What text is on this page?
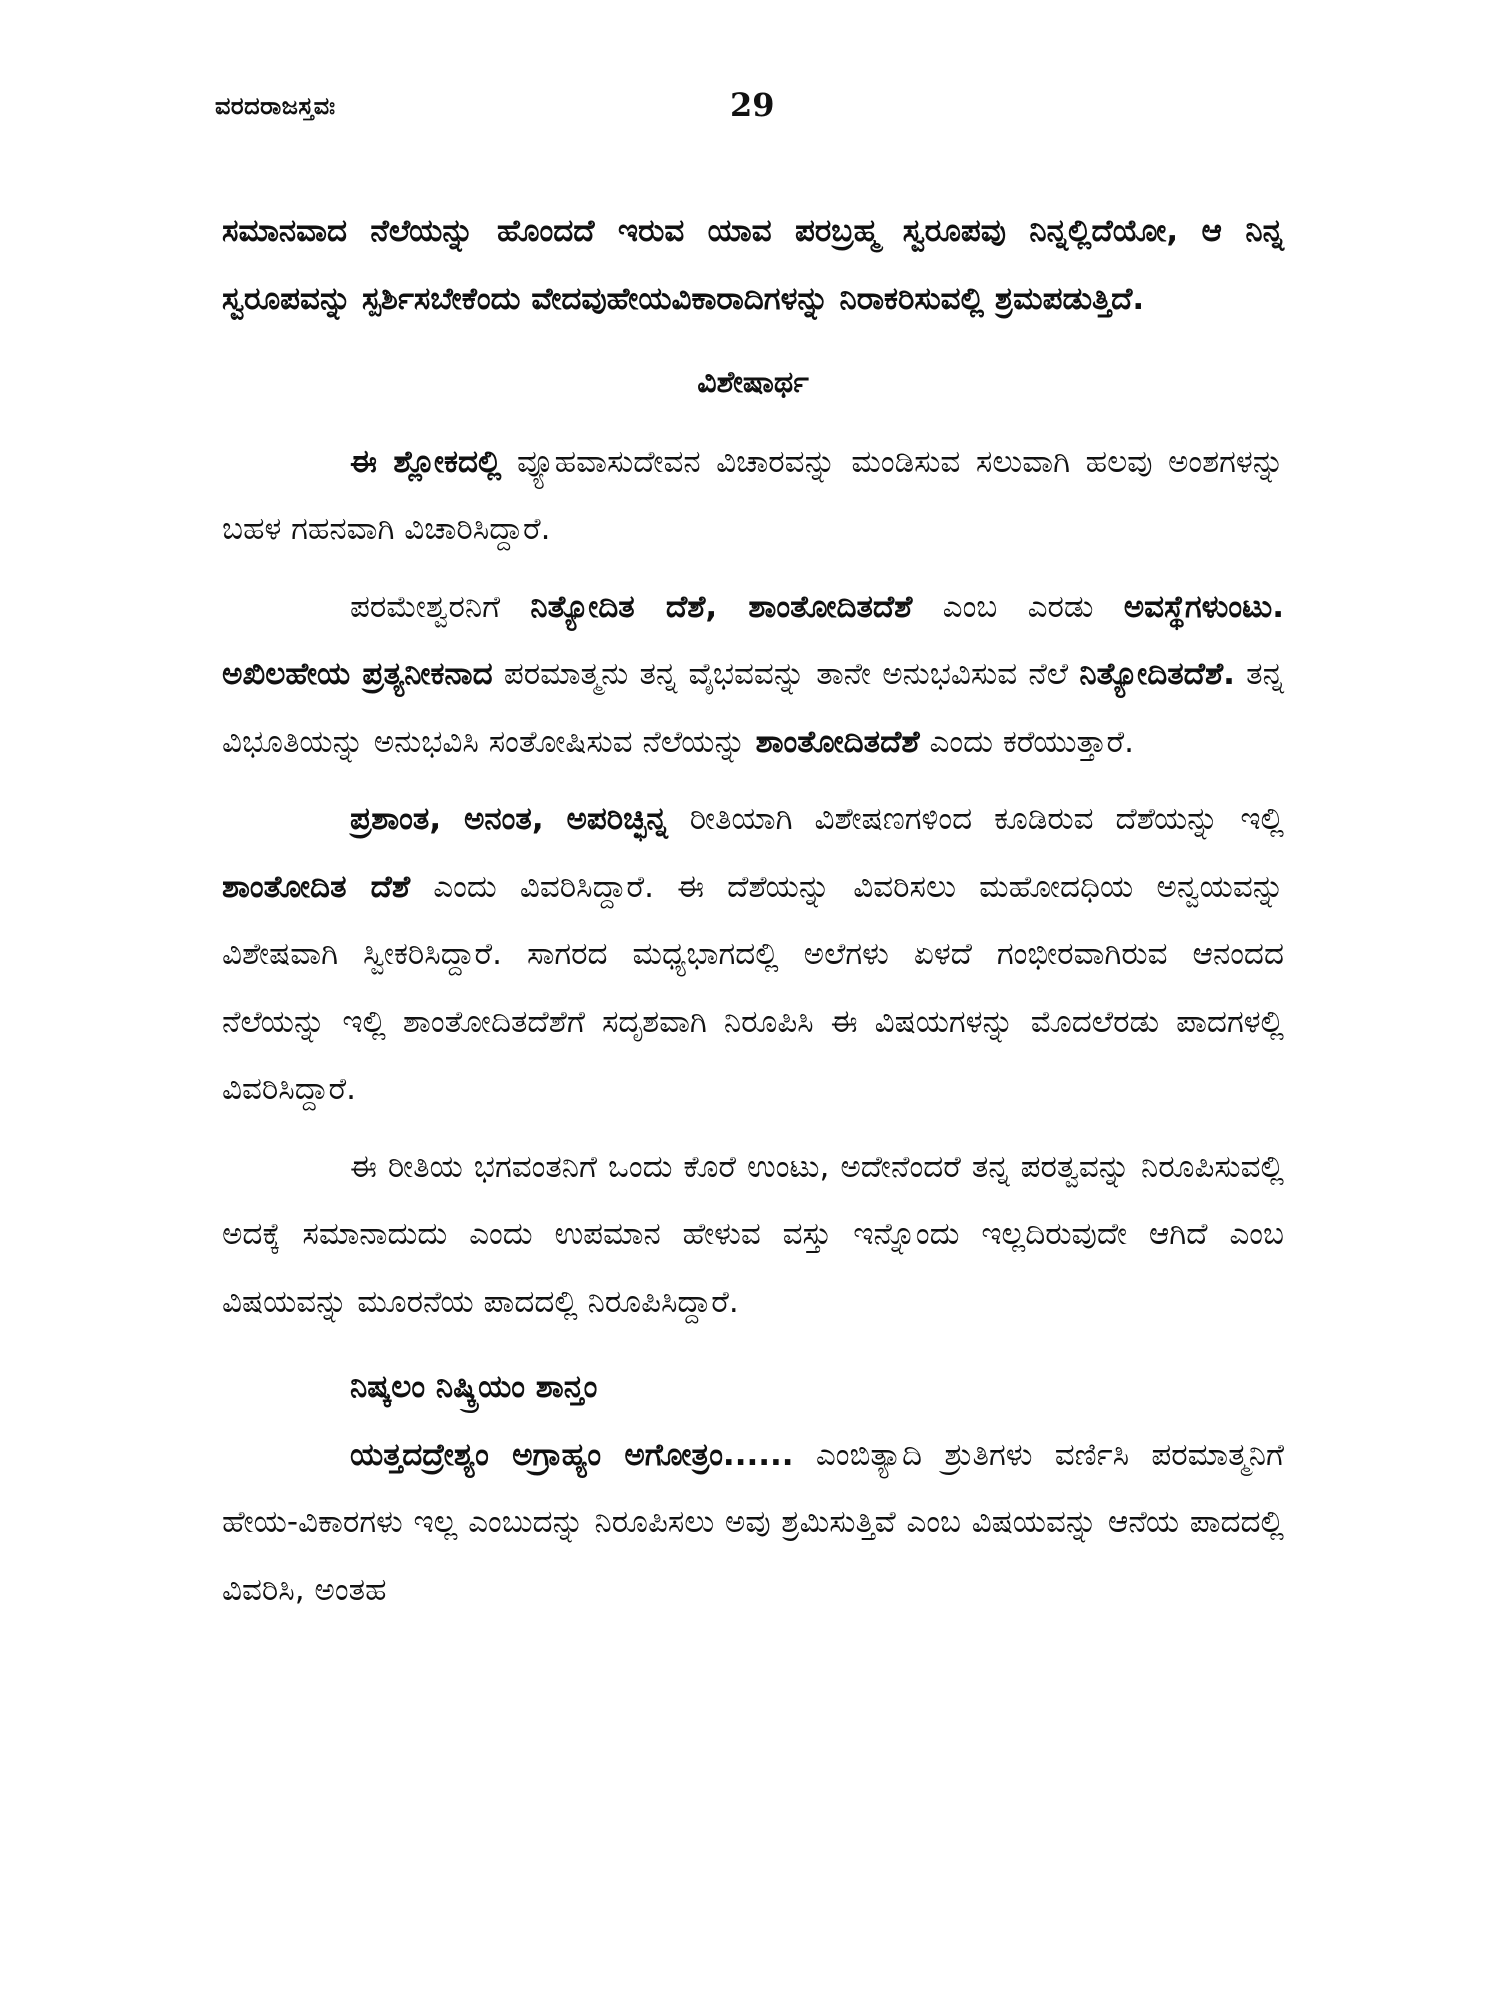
ವರದರಾಜಸ್ತವಃ	29

ಸಮಾನವಾದ ನೆಲೆಯನ್ನು ಹೊಂದದೆ ಇರುವ ಯಾವ ಪರಬ್ರಹ್ಮ ಸ್ವರೂಪವು ನಿನ್ನಲ್ಲಿದೆಯೋ, ಆ ನಿನ್ನ ಸ್ವರೂಪವನ್ನು ಸ್ಪರ್ಶಿಸಬೇಕೆಂದು ವೇದವುಹೇಯವಿಕಾರಾದಿಗಳನ್ನು ನಿರಾಕರಿಸುವಲ್ಲಿ ಶ್ರಮಪಡುತ್ತಿದೆ.

ವಿಶೇಷಾರ್ಥ

ಈ ಶ್ಲೋಕದಲ್ಲಿ ವ್ಯೂಹವಾಸುದೇವನ ವಿಚಾರವನ್ನು ಮಂಡಿಸುವ ಸಲುವಾಗಿ ಹಲವು ಅಂಶಗಳನ್ನು ಬಹಳ ಗಹನವಾಗಿ ವಿಚಾರಿಸಿದ್ದಾರೆ.

ಪರಮೇಶ್ವರನಿಗೆ ನಿತ್ಯೋದಿತ ದೆಶೆ, ಶಾಂತೋದಿತದೆಶೆ ಎಂಬ ಎರಡು ಅವಸ್ಥೆಗಳುಂಟು. ಅಖಿಲಹೇಯ ಪ್ರತ್ಯನೀಕನಾದ ಪರಮಾತ್ಮನು ತನ್ನ ವೈಭವವನ್ನು ತಾನೇ ಅನುಭವಿಸುವ ನೆಲೆ ನಿತ್ಯೋದಿತದೆಶೆ. ತನ್ನ ವಿಭೂತಿಯನ್ನು ಅನುಭವಿಸಿ ಸಂತೋಷಿಸುವ ನೆಲೆಯನ್ನು ಶಾಂತೋದಿತದೆಶೆ ಎಂದು ಕರೆಯುತ್ತಾರೆ.

ಪ್ರಶಾಂತ, ಅನಂತ, ಅಪರಿಚ್ಛಿನ್ನ ರೀತಿಯಾಗಿ ವಿಶೇಷಣಗಳಿಂದ ಕೂಡಿರುವ ದೆಶೆಯನ್ನು ಇಲ್ಲಿ ಶಾಂತೋದಿತ ದೆಶೆ ಎಂದು ವಿವರಿಸಿದ್ದಾರೆ. ಈ ದೆಶೆಯನ್ನು ವಿವರಿಸಲು ಮಹೋದಧಿಯ ಅನ್ವಯವನ್ನು ವಿಶೇಷವಾಗಿ ಸ್ವೀಕರಿಸಿದ್ದಾರೆ. ಸಾಗರದ ಮಧ್ಯಭಾಗದಲ್ಲಿ ಅಲೆಗಳು ಏಳದೆ ಗಂಭೀರವಾಗಿರುವ ಆನಂದದ ನೆಲೆಯನ್ನು ಇಲ್ಲಿ ಶಾಂತೋದಿತದೆಶೆಗೆ ಸದೃಶವಾಗಿ ನಿರೂಪಿಸಿ ಈ ವಿಷಯಗಳನ್ನು ಮೊದಲೆರಡು ಪಾದಗಳಲ್ಲಿ ವಿವರಿಸಿದ್ದಾರೆ.

ಈ ರೀತಿಯ ಭಗವಂತನಿಗೆ ಒಂದು ಕೊರೆ ಉಂಟು, ಅದೇನೆಂದರೆ ತನ್ನ ಪರತ್ವವನ್ನು ನಿರೂಪಿಸುವಲ್ಲಿ ಅದಕ್ಕೆ ಸಮಾನಾದುದು ಎಂದು ಉಪಮಾನ ಹೇಳುವ ವಸ್ತು ಇನ್ನೊಂದು ಇಲ್ಲದಿರುವುದೇ ಆಗಿದೆ ಎಂಬ ವಿಷಯವನ್ನು ಮೂರನೆಯ ಪಾದದಲ್ಲಿ ನಿರೂಪಿಸಿದ್ದಾರೆ.

ನಿಷ್ಕಲಂ ನಿಷ್ಕ್ರಿಯಂ ಶಾನ್ತಂ

ಯತ್ತದದ್ರೇಶ್ಯಂ ಅಗ್ರಾಹ್ಯಂ ಅಗೋತ್ರಂ...... ಎಂಬಿತ್ಯಾದಿ ಶ್ರುತಿಗಳು ವರ್ಣಿಸಿ ಪರಮಾತ್ಮನಿಗೆ ಹೇಯ-ವಿಕಾರಗಳು ಇಲ್ಲ ಎಂಬುದನ್ನು ನಿರೂಪಿಸಲು ಅವು ಶ್ರಮಿಸುತ್ತಿವೆ ಎಂಬ ವಿಷಯವನ್ನು ಆನೆಯ ಪಾದದಲ್ಲಿ ವಿವರಿಸಿ, ಅಂತಹ
